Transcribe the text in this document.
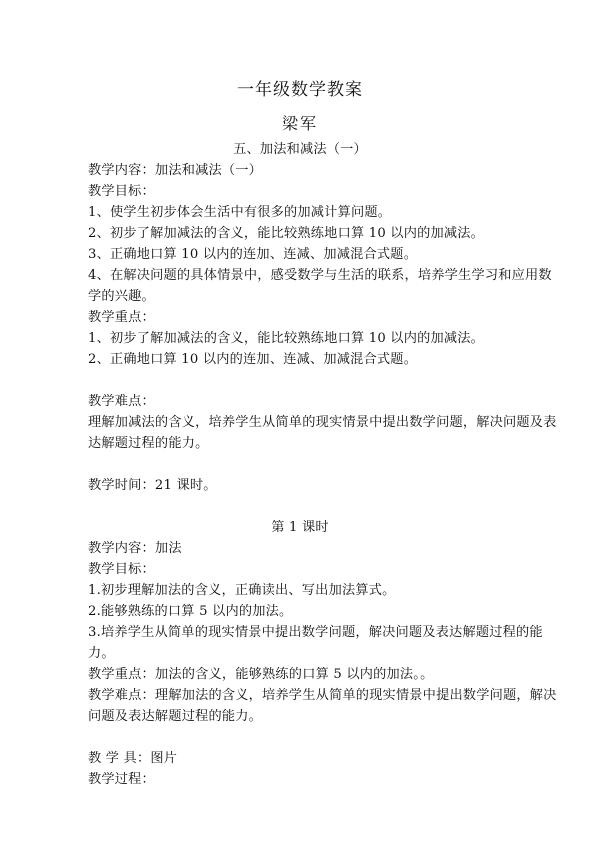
一年级数学教案
梁军
五、加法和减法（一）
教学内容：加法和减法（一）
教学目标：
1、使学生初步体会生活中有很多的加减计算问题。
2、初步了解加减法的含义，能比较熟练地口算 10 以内的加减法。
3、正确地口算 10 以内的连加、连减、加减混合式题。
4、在解决问题的具体情景中，感受数学与生活的联系，培养学生学习和应用数
学的兴趣。
教学重点：
1、初步了解加减法的含义，能比较熟练地口算 10 以内的加减法。
2、正确地口算 10 以内的连加、连减、加减混合式题。
教学难点：
理解加减法的含义，培养学生从简单的现实情景中提出数学问题，解决问题及表
达解题过程的能力。
教学时间：21 课时。
第 1 课时
教学内容：加法
教学目标：
1.初步理解加法的含义，正确读出、写出加法算式。
2.能够熟练的口算 5 以内的加法。
3.培养学生从简单的现实情景中提出数学问题，解决问题及表达解题过程的能
力。
教学重点：加法的含义，能够熟练的口算 5 以内的加法。。
教学难点：理解加法的含义，培养学生从简单的现实情景中提出数学问题，解决
问题及表达解题过程的能力。
教 学 具：图片
教学过程：
